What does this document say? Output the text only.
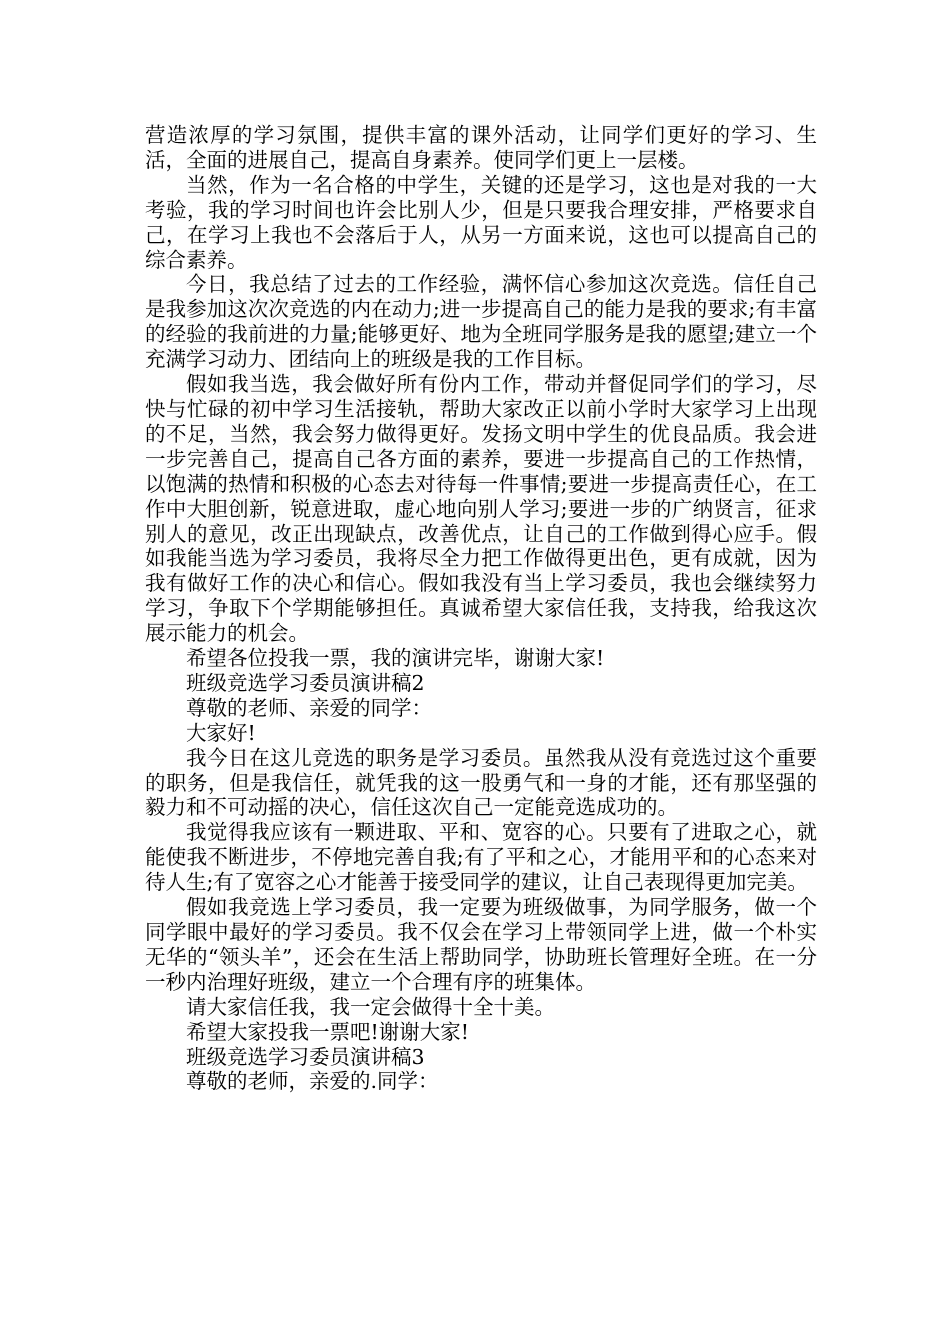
营造浓厚的学习氛围，提供丰富的课外活动，让同学们更好的学习、生活，全面的进展自己，提高自身素养。使同学们更上一层楼。

当然，作为一名合格的中学生，关键的还是学习，这也是对我的一大考验，我的学习时间也许会比别人少，但是只要我合理安排，严格要求自己，在学习上我也不会落后于人，从另一方面来说，这也可以提高自己的综合素养。

今日，我总结了过去的工作经验，满怀信心参加这次竞选。信任自己是我参加这次次竞选的内在动力;进一步提高自己的能力是我的要求;有丰富的经验的我前进的力量;能够更好、地为全班同学服务是我的愿望;建立一个充满学习动力、团结向上的班级是我的工作目标。

假如我当选，我会做好所有份内工作，带动并督促同学们的学习，尽快与忙碌的初中学习生活接轨，帮助大家改正以前小学时大家学习上出现的不足，当然，我会努力做得更好。发扬文明中学生的优良品质。我会进一步完善自己，提高自己各方面的素养，要进一步提高自己的工作热情，以饱满的热情和积极的心态去对待每一件事情;要进一步提高责任心，在工作中大胆创新，锐意进取，虚心地向别人学习;要进一步的广纳贤言，征求别人的意见，改正出现缺点，改善优点，让自己的工作做到得心应手。假如我能当选为学习委员，我将尽全力把工作做得更出色，更有成就，因为我有做好工作的决心和信心。假如我没有当上学习委员，我也会继续努力学习，争取下个学期能够担任。真诚希望大家信任我，支持我，给我这次展示能力的机会。

希望各位投我一票，我的演讲完毕，谢谢大家!

班级竞选学习委员演讲稿2

尊敬的老师、亲爱的同学：

大家好!

我今日在这儿竞选的职务是学习委员。虽然我从没有竞选过这个重要的职务，但是我信任，就凭我的这一股勇气和一身的才能，还有那坚强的毅力和不可动摇的决心，信任这次自己一定能竞选成功的。

我觉得我应该有一颗进取、平和、宽容的心。只要有了进取之心，就能使我不断进步，不停地完善自我;有了平和之心，才能用平和的心态来对待人生;有了宽容之心才能善于接受同学的建议，让自己表现得更加完美。

假如我竞选上学习委员，我一定要为班级做事，为同学服务，做一个同学眼中最好的学习委员。我不仅会在学习上带领同学上进，做一个朴实无华的“领头羊”，还会在生活上帮助同学，协助班长管理好全班。在一分一秒内治理好班级，建立一个合理有序的班集体。

请大家信任我，我一定会做得十全十美。

希望大家投我一票吧!谢谢大家!

班级竞选学习委员演讲稿3

尊敬的老师，亲爱的.同学：
